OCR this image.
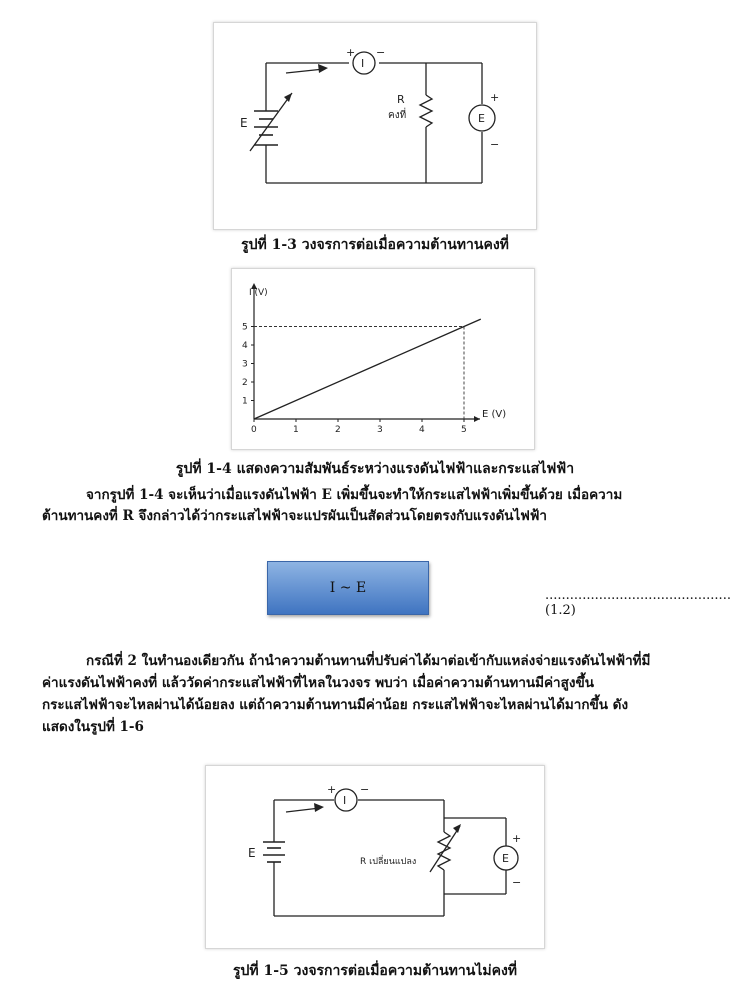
+ −
I
E
R
คงที่	E
+
−
รูปที่ 1-3 วงจรการต่อเมื่อความต้านทานคงที่
0	1	2	3	4	5
1
2
3
4
5
I (V)
E (V)
รูปที่ 1-4 แสดงความสัมพันธ์ระหว่างแรงดันไฟฟ้าและกระแสไฟฟ้า

จากรูปที่ 1-4 จะเห็นว่าเมื่อแรงดันไฟฟ้า E เพิ่มขึ้นจะทำให้กระแสไฟฟ้าเพิ่มขึ้นด้วย เมื่อความ
ต้านทานคงที่ R จึงกล่าวได้ว่ากระแสไฟฟ้าจะแปรผันเป็นสัดส่วนโดยตรงกับแรงดันไฟฟ้า

I ~ E	............................................. (1.2)

กรณีที่ 2 ในทำนองเดียวกัน ถ้านำความต้านทานที่ปรับค่าได้มาต่อเข้ากับแหล่งจ่ายแรงดันไฟฟ้าที่มี
ค่าแรงดันไฟฟ้าคงที่ แล้ววัดค่ากระแสไฟฟ้าที่ไหลในวงจร พบว่า เมื่อค่าความต้านทานมีค่าสูงขึ้น
กระแสไฟฟ้าจะไหลผ่านได้น้อยลง แต่ถ้าความต้านทานมีค่าน้อย กระแสไฟฟ้าจะไหลผ่านได้มากขึ้น ดัง
แสดงในรูปที่ 1-6

+ −
I
E
R เปลี่ยนแปลง	E
+
−
รูปที่ 1-5 วงจรการต่อเมื่อความต้านทานไม่คงที่
